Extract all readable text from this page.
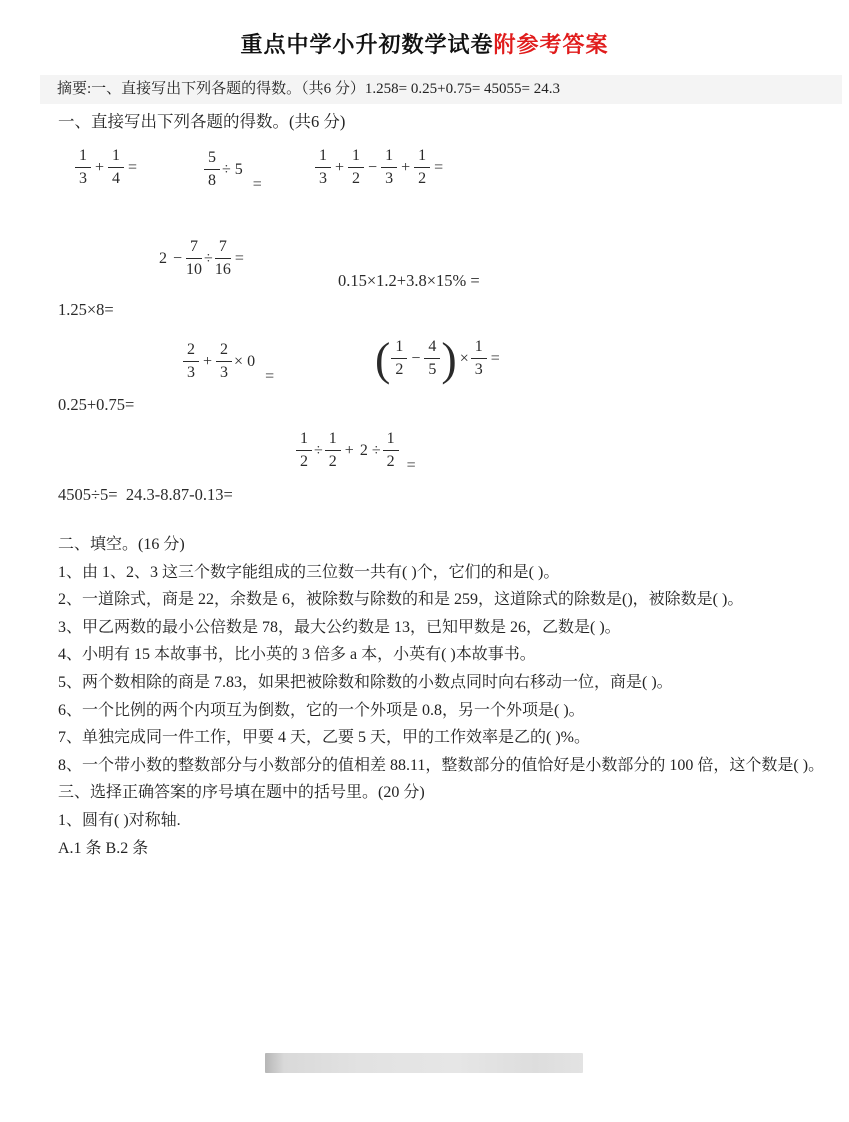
重点中学小升初数学试卷附参考答案
摘要:一、直接写出下列各题的得数。（共6 分）1.258= 0.25+0.75= 45055= 24.3
一、直接写出下列各题的得数。(共6 分)
$\frac{1}{3} + \frac{1}{4}$ =	$\frac{5}{8} \div 5$
=	$\frac{1}{3} + \frac{1}{2} - \frac{1}{3} + \frac{1}{2}$ =
$2 - \frac{7}{10} \div \frac{7}{16}$ =
0.15×1.2+3.8×15% =
1.25×8=
$\frac{2}{3} + \frac{2}{3} \times 0$
= ( $\frac{1}{2} - \frac{4}{5}$ ) × $\frac{1}{3}$ =
0.25+0.75=
$\frac{1}{2} \div \frac{1}{2} + 2 \div \frac{1}{2}$ =
4505÷5=  24.3-8.87-0.13=
二、填空。(16 分)
1、由 1、2、3 这三个数字能组成的三位数一共有( )个，它们的和是( )。
2、一道除式，商是 22，余数是 6，被除数与除数的和是 259，这道除式的除数是()，被除数是( )。
3、甲乙两数的最小公倍数是 78，最大公约数是 13，已知甲数是 26，乙数是( )。
4、小明有 15 本故事书，比小英的 3 倍多 a 本，小英有( )本故事书。
5、两个数相除的商是 7.83，如果把被除数和除数的小数点同时向右移动一位，商是( )。
6、一个比例的两个内项互为倒数，它的一个外项是 0.8，另一个外项是( )。
7、单独完成同一件工作，甲要 4 天，乙要 5 天，甲的工作效率是乙的( )%。
8、一个带小数的整数部分与小数部分的值相差 88.11，整数部分的值恰好是小数部分的 100 倍，这个数是( )。
三、选择正确答案的序号填在题中的括号里。(20 分)
1、圆有( )对称轴.
A.1 条 B.2 条
